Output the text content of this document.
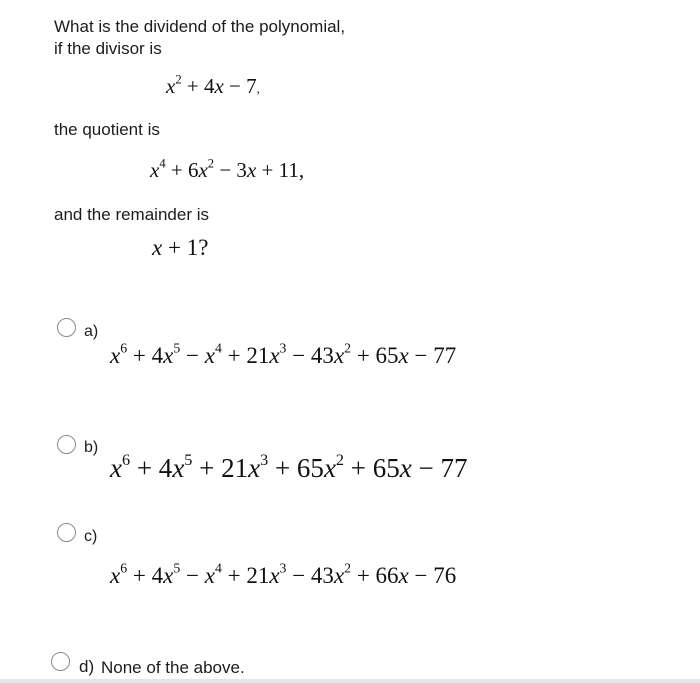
What is the dividend of the polynomial,
if the divisor is
$x^2 + 4x - 7$,
the quotient is
$x^4 + 6x^2 - 3x + 11$,
and the remainder is
x + 1?
a)
$x^6 + 4x^5 - x^4 + 21x^3 - 43x^2 + 65x - 77$
b)
$x^6 + 4x^5 + 21x^3 + 65x^2 + 65x - 77$
c)
$x^6 + 4x^5 - x^4 + 21x^3 - 43x^2 + 66x - 76$
d) None of the above.
